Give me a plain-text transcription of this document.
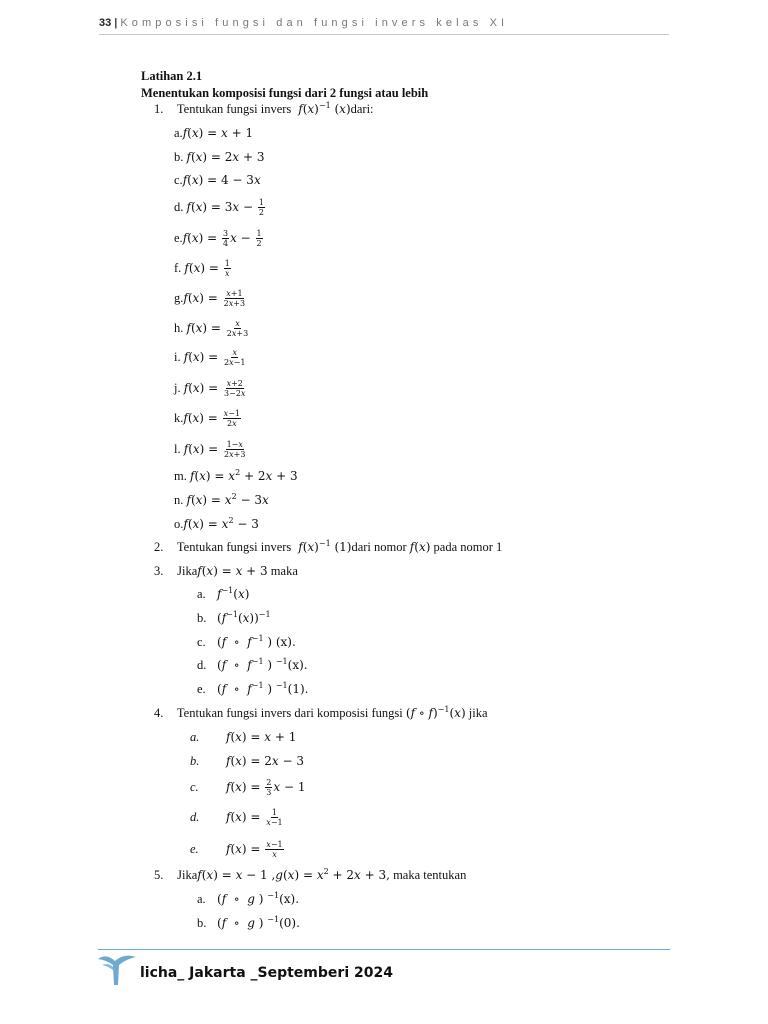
33 | Komposisi fungsi dan fungsi invers kelas XI
Latihan 2.1
Menentukan komposisi fungsi dari 2 fungsi atau lebih
1. Tentukan fungsi invers $f(x)^{-1}$ (x)dari:
a.f(x) = x + 1
b. f(x) = 2x + 3
c.f(x) = 4 − 3x
d. $f(x) = 3x - \frac{1}{2}$
$e.f(x) = \frac{3}{4}$ $x - \frac{1}{2}$
f. $f(x) = \frac{1}{x}$
$g.f(x) = \frac{x+1}{2x+3}$
h. $f(x) = \frac{x}{2x+3}$
i. $f(x) = \frac{x}{2x-1}$
j. $f(x) = \frac{x+2}{3-2x}$
$k.f(x) = \frac{x-1}{2x}$
l. $f(x) = \frac{1-x}{2x+3}$
m. $f(x) = x^2 + 2x + 3$
n. $f(x) = x^2 - 3x$
$o.f(x) = x^2 - 3$
2. Tentukan fungsi invers $f(x)^{-1}$ (1)dari nomor f(x) pada nomor 1
3. Jikaf(x) = x + 3 maka
a. $f^{-1}(x)$
b. $(f^{-1}(x))^{-1}$
c. (f  ∘  $f^{-1}$ ) (x).
d. (f  ∘  $f^{-1}$ ) $^{-1}$(x).
e. (f  ∘  $f^{-1}$ ) $^{-1}$(1).
4. Tentukan fungsi invers dari komposisi fungsi (f ∘ f)$^{-1}$(x) jika
a. f(x) = x + 1
b. f(x) = 2x − 3
c. $f(x) = \frac{2}{3}$ x − 1
d. $f(x) = \frac{1}{x-1}$
e. $f(x) = \frac{x-1}{x}$
5. Jikaf(x) = x − 1 $,g(x) = x^2 + 2x + 3$, maka tentukan
a. (f  ∘  g ) $^{-1}$(x).
b. (f  ∘  g ) $^{-1}$(0).
licha_ Jakarta _Septemberi 2024
